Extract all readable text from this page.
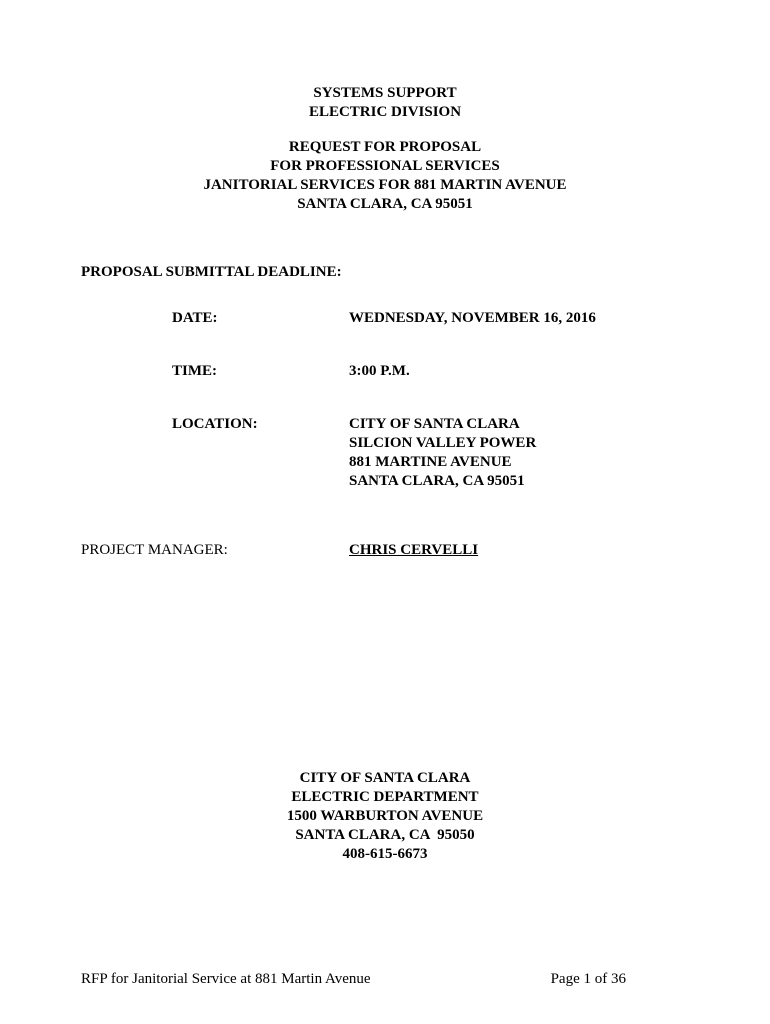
SYSTEMS SUPPORT
ELECTRIC DIVISION
REQUEST FOR PROPOSAL
FOR PROFESSIONAL SERVICES
JANITORIAL SERVICES FOR 881 MARTIN AVENUE
SANTA CLARA, CA 95051
PROPOSAL SUBMITTAL DEADLINE:
DATE:	WEDNESDAY, NOVEMBER 16, 2016
TIME:	3:00 P.M.
LOCATION:	CITY OF SANTA CLARA
SILCION VALLEY POWER
881 MARTINE AVENUE
SANTA CLARA, CA 95051
PROJECT MANAGER:	CHRIS CERVELLI
CITY OF SANTA CLARA
ELECTRIC DEPARTMENT
1500 WARBURTON AVENUE
SANTA CLARA, CA  95050
408-615-6673
RFP for Janitorial Service at 881 Martin Avenue	Page 1 of 36
